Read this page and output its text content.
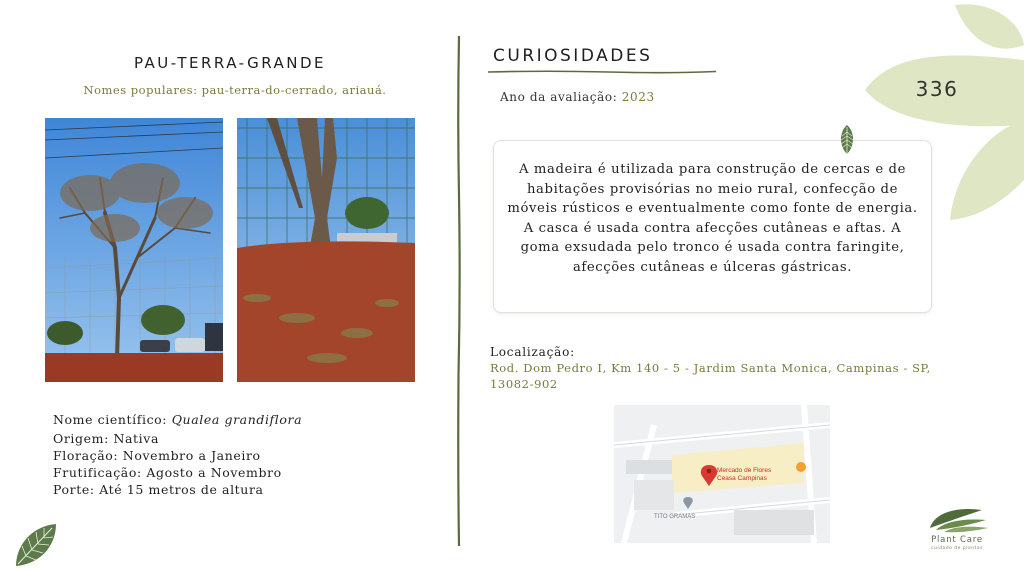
PAU-TERRA-GRANDE
Nomes populares: pau-terra-do-cerrado, ariauá.
Nome científico: Qualea grandiflora
Origem: Nativa
Floração: Novembro a Janeiro
Frutificação: Agosto a Novembro
Porte: Até 15 metros de altura
CURIOSIDADES
Ano da avaliação: 2023
A madeira é utilizada para construção de cercas e de habitações provisórias no meio rural, confecção de móveis rústicos e eventualmente como fonte de energia. A casca é usada contra afecções cutâneas e aftas. A goma exsudada pelo tronco é usada contra faringite, afecções cutâneas e úlceras gástricas.
Localização:
Rod. Dom Pedro I, Km 140 - 5 - Jardim Santa Monica, Campinas - SP, 13082-902
Mercado de Flores
Ceasa Campinas
TITO GRAMAS
336
Plant Care
cuidado de plantas
